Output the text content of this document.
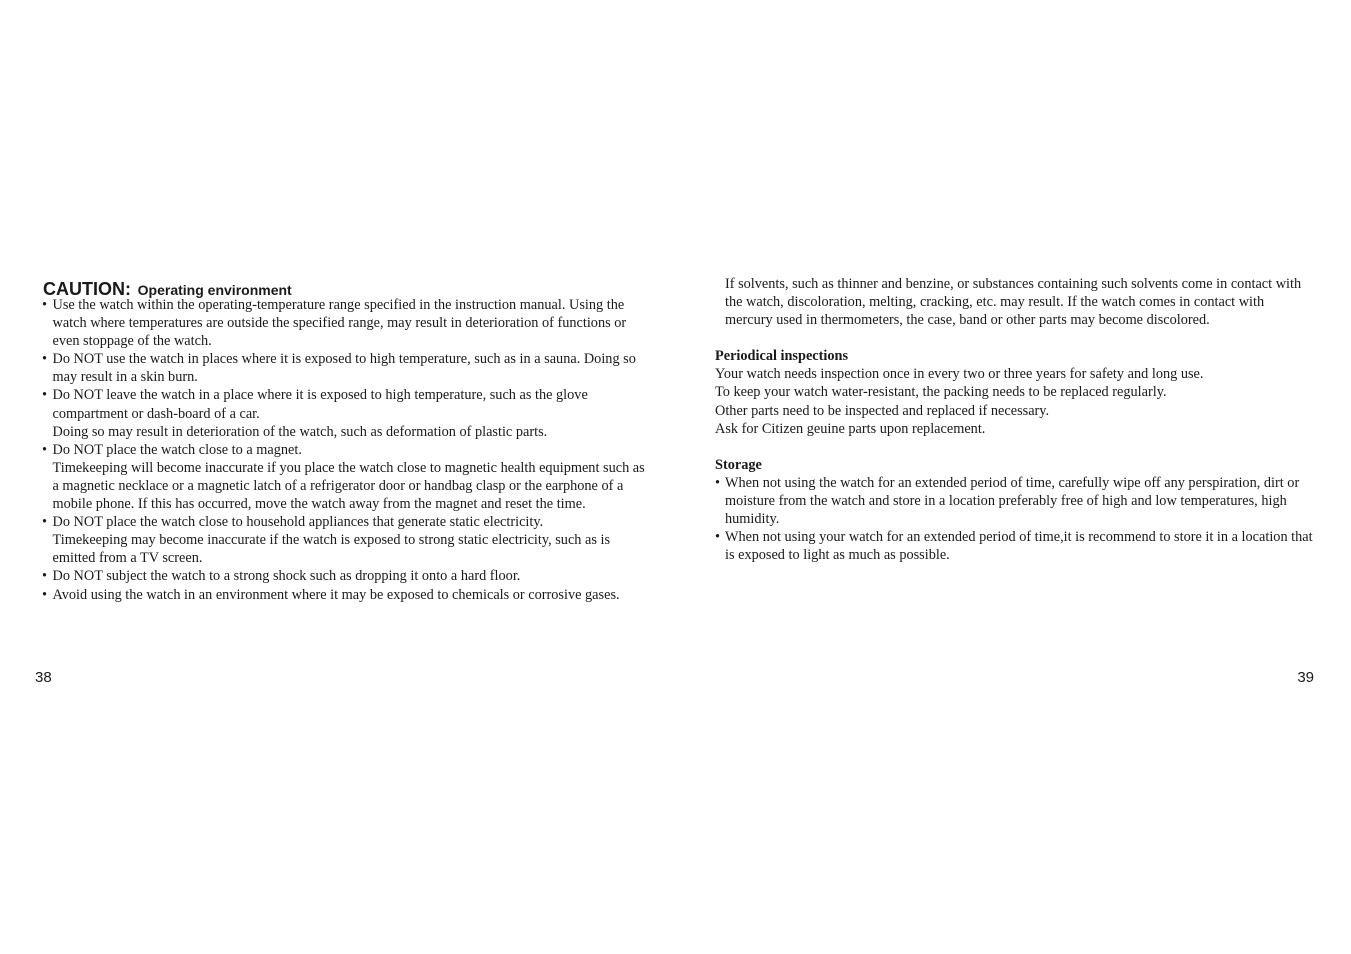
CAUTION: Operating environment
• Use the watch within the operating-temperature range specified in the instruction manual. Using the watch where temperatures are outside the specified range, may result in deterioration of functions or even stoppage of the watch.
• Do NOT use the watch in places where it is exposed to high temperature, such as in a sauna. Doing so may result in a skin burn.
• Do NOT leave the watch in a place where it is exposed to high temperature, such as the glove compartment or dash-board of a car.
Doing so may result in deterioration of the watch, such as deformation of plastic parts.
• Do NOT place the watch close to a magnet.
Timekeeping will become inaccurate if you place the watch close to magnetic health equipment such as a magnetic necklace or a magnetic latch of a refrigerator door or handbag clasp or the earphone of a mobile phone. If this has occurred, move the watch away from the magnet and reset the time.
• Do NOT place the watch close to household appliances that generate static electricity.
Timekeeping may become inaccurate if the watch is exposed to strong static electricity, such as is emitted from a TV screen.
• Do NOT subject the watch to a strong shock such as dropping it onto a hard floor.
• Avoid using the watch in an environment where it may be exposed to chemicals or corrosive gases.
38

If solvents, such as thinner and benzine, or substances containing such solvents come in contact with the watch, discoloration, melting, cracking, etc. may result. If the watch comes in contact with mercury used in thermometers, the case, band or other parts may become discolored.

Periodical inspections
Your watch needs inspection once in every two or three years for safety and long use.
To keep your watch water-resistant, the packing needs to be replaced regularly.
Other parts need to be inspected and replaced if necessary.
Ask for Citizen geuine parts upon replacement.
Storage
• When not using the watch for an extended period of time, carefully wipe off any perspiration, dirt or moisture from the watch and store in a location preferably free of high and low temperatures, high humidity.
• When not using your watch for an extended period of time,it is recommend to store it in a location that is exposed to light as much as possible.
39
